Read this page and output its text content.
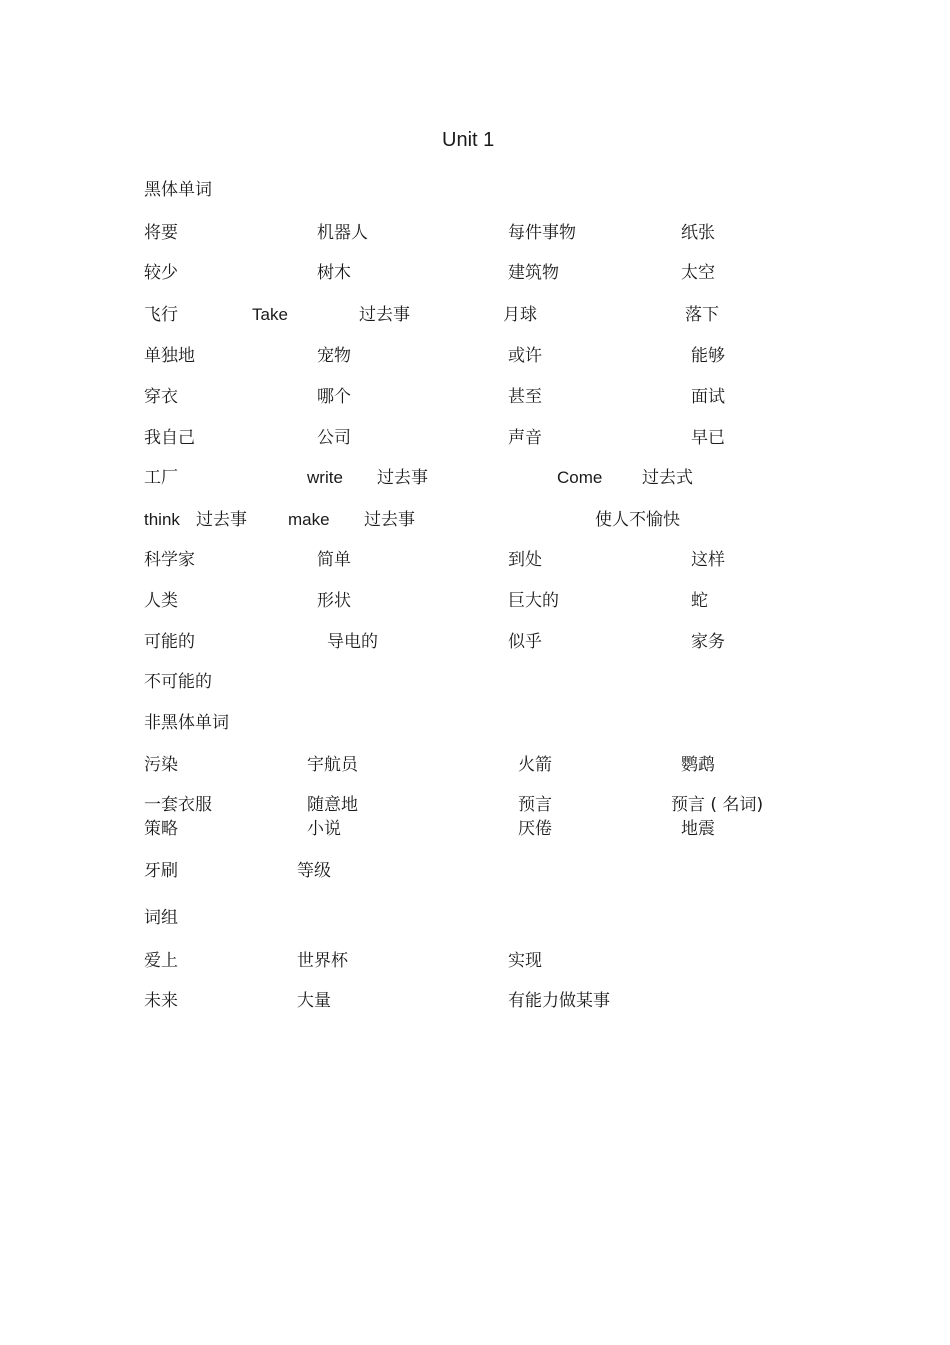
Unit 1
黑体单词
将要	机器人	每件事物	纸张
较少	树木	建筑物	太空
飞行	Take	过去事	月球	落下
单独地	宠物	或许	能够
穿衣	哪个	甚至	面试
我自己	公司	声音	早已
工厂	write 过去事	Come 过去式
think 过去事 make 过去事	使人不愉快
科学家	简单	到处	这样
人类	形状	巨大的	蛇
可能的	导电的	似乎	家务
不可能的
非黑体单词
污染	宇航员	火箭	鹦鹉
一套衣服	随意地	预言	预言 ( 名词)
策略	小说	厌倦	地震
牙刷	等级
词组
爱上	世界杯	实现
未来	大量	有能力做某事
